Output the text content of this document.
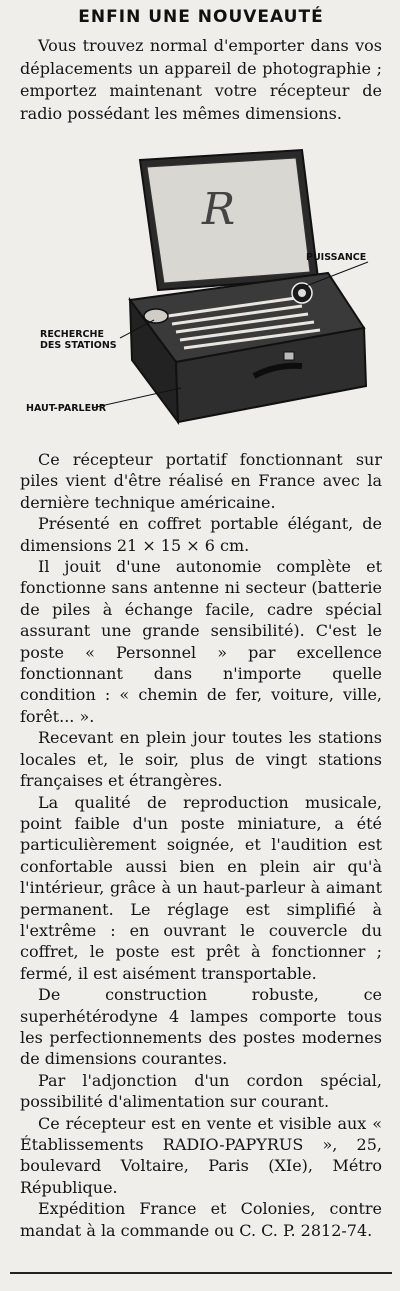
ENFIN UNE NOUVEAUTÉ

Vous trouvez normal d'emporter dans vos déplacements un appareil de photographie ; emportez maintenant votre récepteur de radio possédant les mêmes dimensions.

PUISSANCE
RECHERCHE
DES STATIONS
HAUT-PARLEUR
R

Ce récepteur portatif fonctionnant sur piles vient d'être réalisé en France avec la dernière technique américaine.

Présenté en coffret portable élégant, de dimensions 21 × 15 × 6 cm.

Il jouit d'une autonomie complète et fonctionne sans antenne ni secteur (batterie de piles à échange facile, cadre spécial assurant une grande sensibilité). C'est le poste « Personnel » par excellence fonctionnant dans n'importe quelle condition : « chemin de fer, voiture, ville, forêt... ».

Recevant en plein jour toutes les stations locales et, le soir, plus de vingt stations françaises et étrangères.

La qualité de reproduction musicale, point faible d'un poste miniature, a été particulièrement soignée, et l'audition est confortable aussi bien en plein air qu'à l'intérieur, grâce à un haut-parleur à aimant permanent. Le réglage est simplifié à l'extrême : en ouvrant le couvercle du coffret, le poste est prêt à fonctionner ; fermé, il est aisément transportable.

De construction robuste, ce superhétérodyne 4 lampes comporte tous les perfectionnements des postes modernes de dimensions courantes.

Par l'adjonction d'un cordon spécial, possibilité d'alimentation sur courant.

Ce récepteur est en vente et visible aux « Établissements RADIO-PAPYRUS », 25, boulevard Voltaire, Paris (XIe), Métro République.

Expédition France et Colonies, contre mandat à la commande ou C. C. P. 2812-74.
